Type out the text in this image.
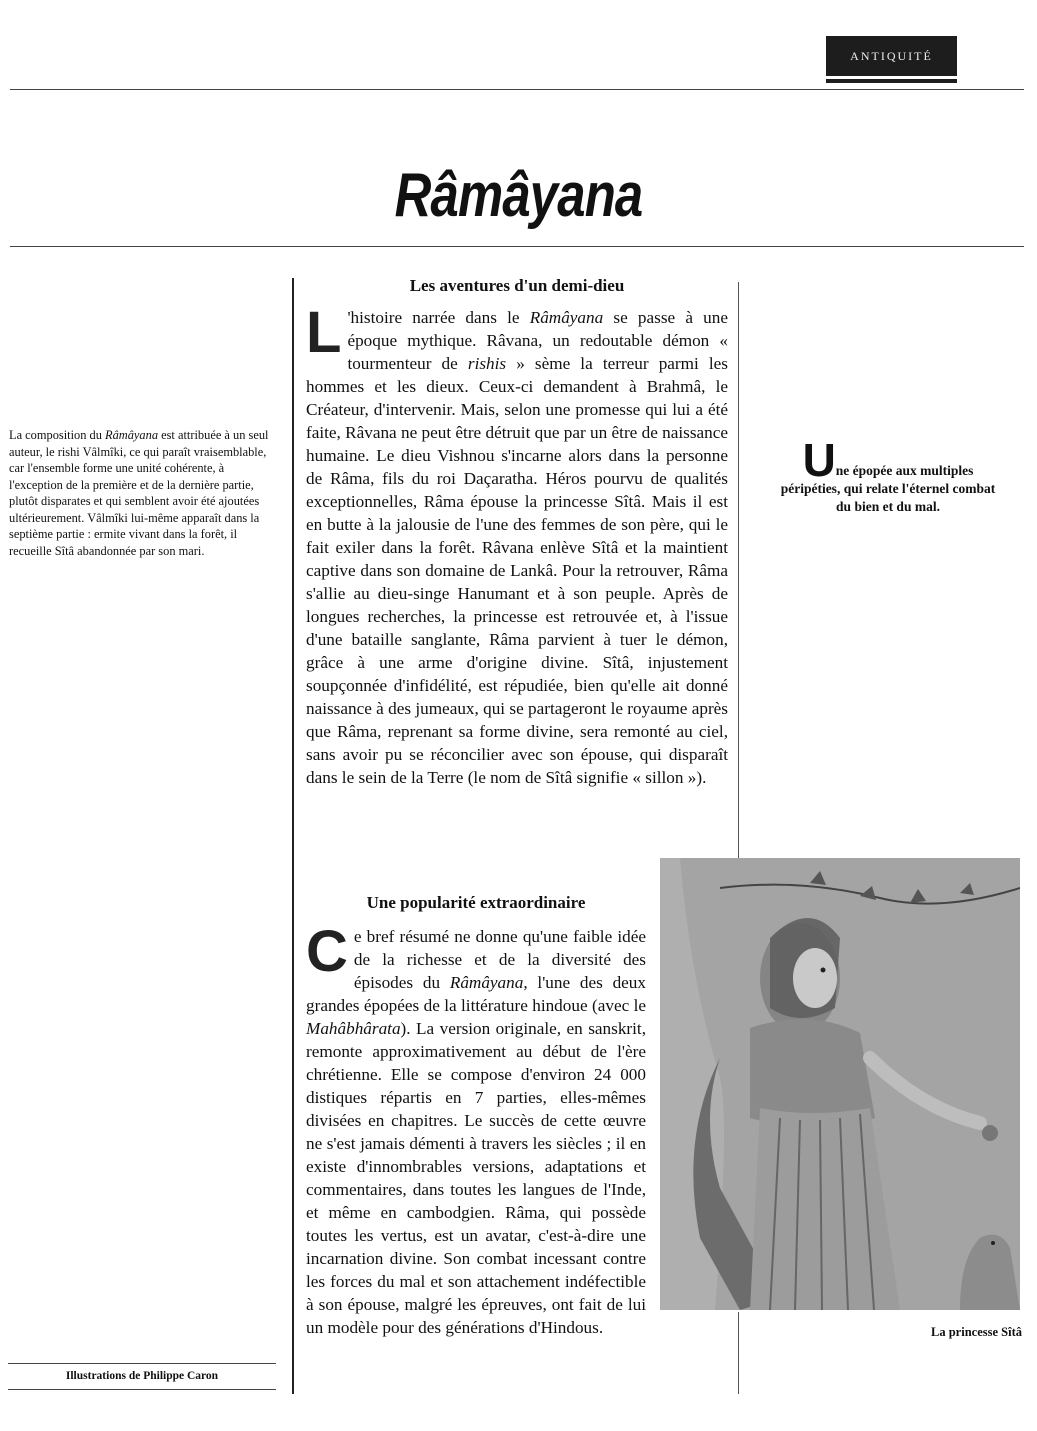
ANTIQUITÉ
Râmâyana
La composition du Râmâyana est attribuée à un seul auteur, le rishi Vâlmîki, ce qui paraît vraisemblable, car l'ensemble forme une unité cohérente, à l'exception de la première et de la dernière partie, plutôt disparates et qui semblent avoir été ajoutées ultérieurement. Vâlmîki lui-même apparaît dans la septième partie : ermite vivant dans la forêt, il recueille Sîtâ abandonnée par son mari.
Illustrations de Philippe Caron
Les aventures d'un demi-dieu
L 'histoire narrée dans le Râmâyana se passe à une époque mythique. Râvana, un redoutable démon « tourmenteur de rishis » sème la terreur parmi les hommes et les dieux. Ceux-ci demandent à Brahmâ, le Créateur, d'intervenir. Mais, selon une promesse qui lui a été faite, Râvana ne peut être détruit que par un être de naissance humaine. Le dieu Vishnou s'incarne alors dans la personne de Râma, fils du roi Daçaratha. Héros pourvu de qualités exceptionnelles, Râma épouse la princesse Sîtâ. Mais il est en butte à la jalousie de l'une des femmes de son père, qui le fait exiler dans la forêt. Râvana enlève Sîtâ et la maintient captive dans son domaine de Lankâ. Pour la retrouver, Râma s'allie au dieu-singe Hanumant et à son peuple. Après de longues recherches, la princesse est retrouvée et, à l'issue d'une bataille sanglante, Râma parvient à tuer le démon, grâce à une arme d'origine divine. Sîtâ, injustement soupçonnée d'infidélité, est répudiée, bien qu'elle ait donné naissance à des jumeaux, qui se partageront le royaume après que Râma, reprenant sa forme divine, sera remonté au ciel, sans avoir pu se réconcilier avec son épouse, qui disparaît dans le sein de la Terre (le nom de Sîtâ signifie « sillon »).
Une popularité extraordinaire
Ce bref résumé ne donne qu'une faible idée de la richesse et de la diversité des épisodes du Râmâyana, l'une des deux grandes épopées de la littérature hindoue (avec le Mahâbhârata). La version originale, en sanskrit, remonte approximativement au début de l'ère chrétienne. Elle se compose d'environ 24 000 distiques répartis en 7 parties, elles-mêmes divisées en chapitres. Le succès de cette œuvre ne s'est jamais démenti à travers les siècles ; il en existe d'innombrables versions, adaptations et commentaires, dans toutes les langues de l'Inde, et même en cambodgien. Râma, qui possède toutes les vertus, est un avatar, c'est-à-dire une incarnation divine. Son combat incessant contre les forces du mal et son attachement indéfectible à son épouse, malgré les épreuves, ont fait de lui un modèle pour des générations d'Hindous.
Une épopée aux multiples péripéties, qui relate l'éternel combat du bien et du mal.
La princesse Sîtâ
